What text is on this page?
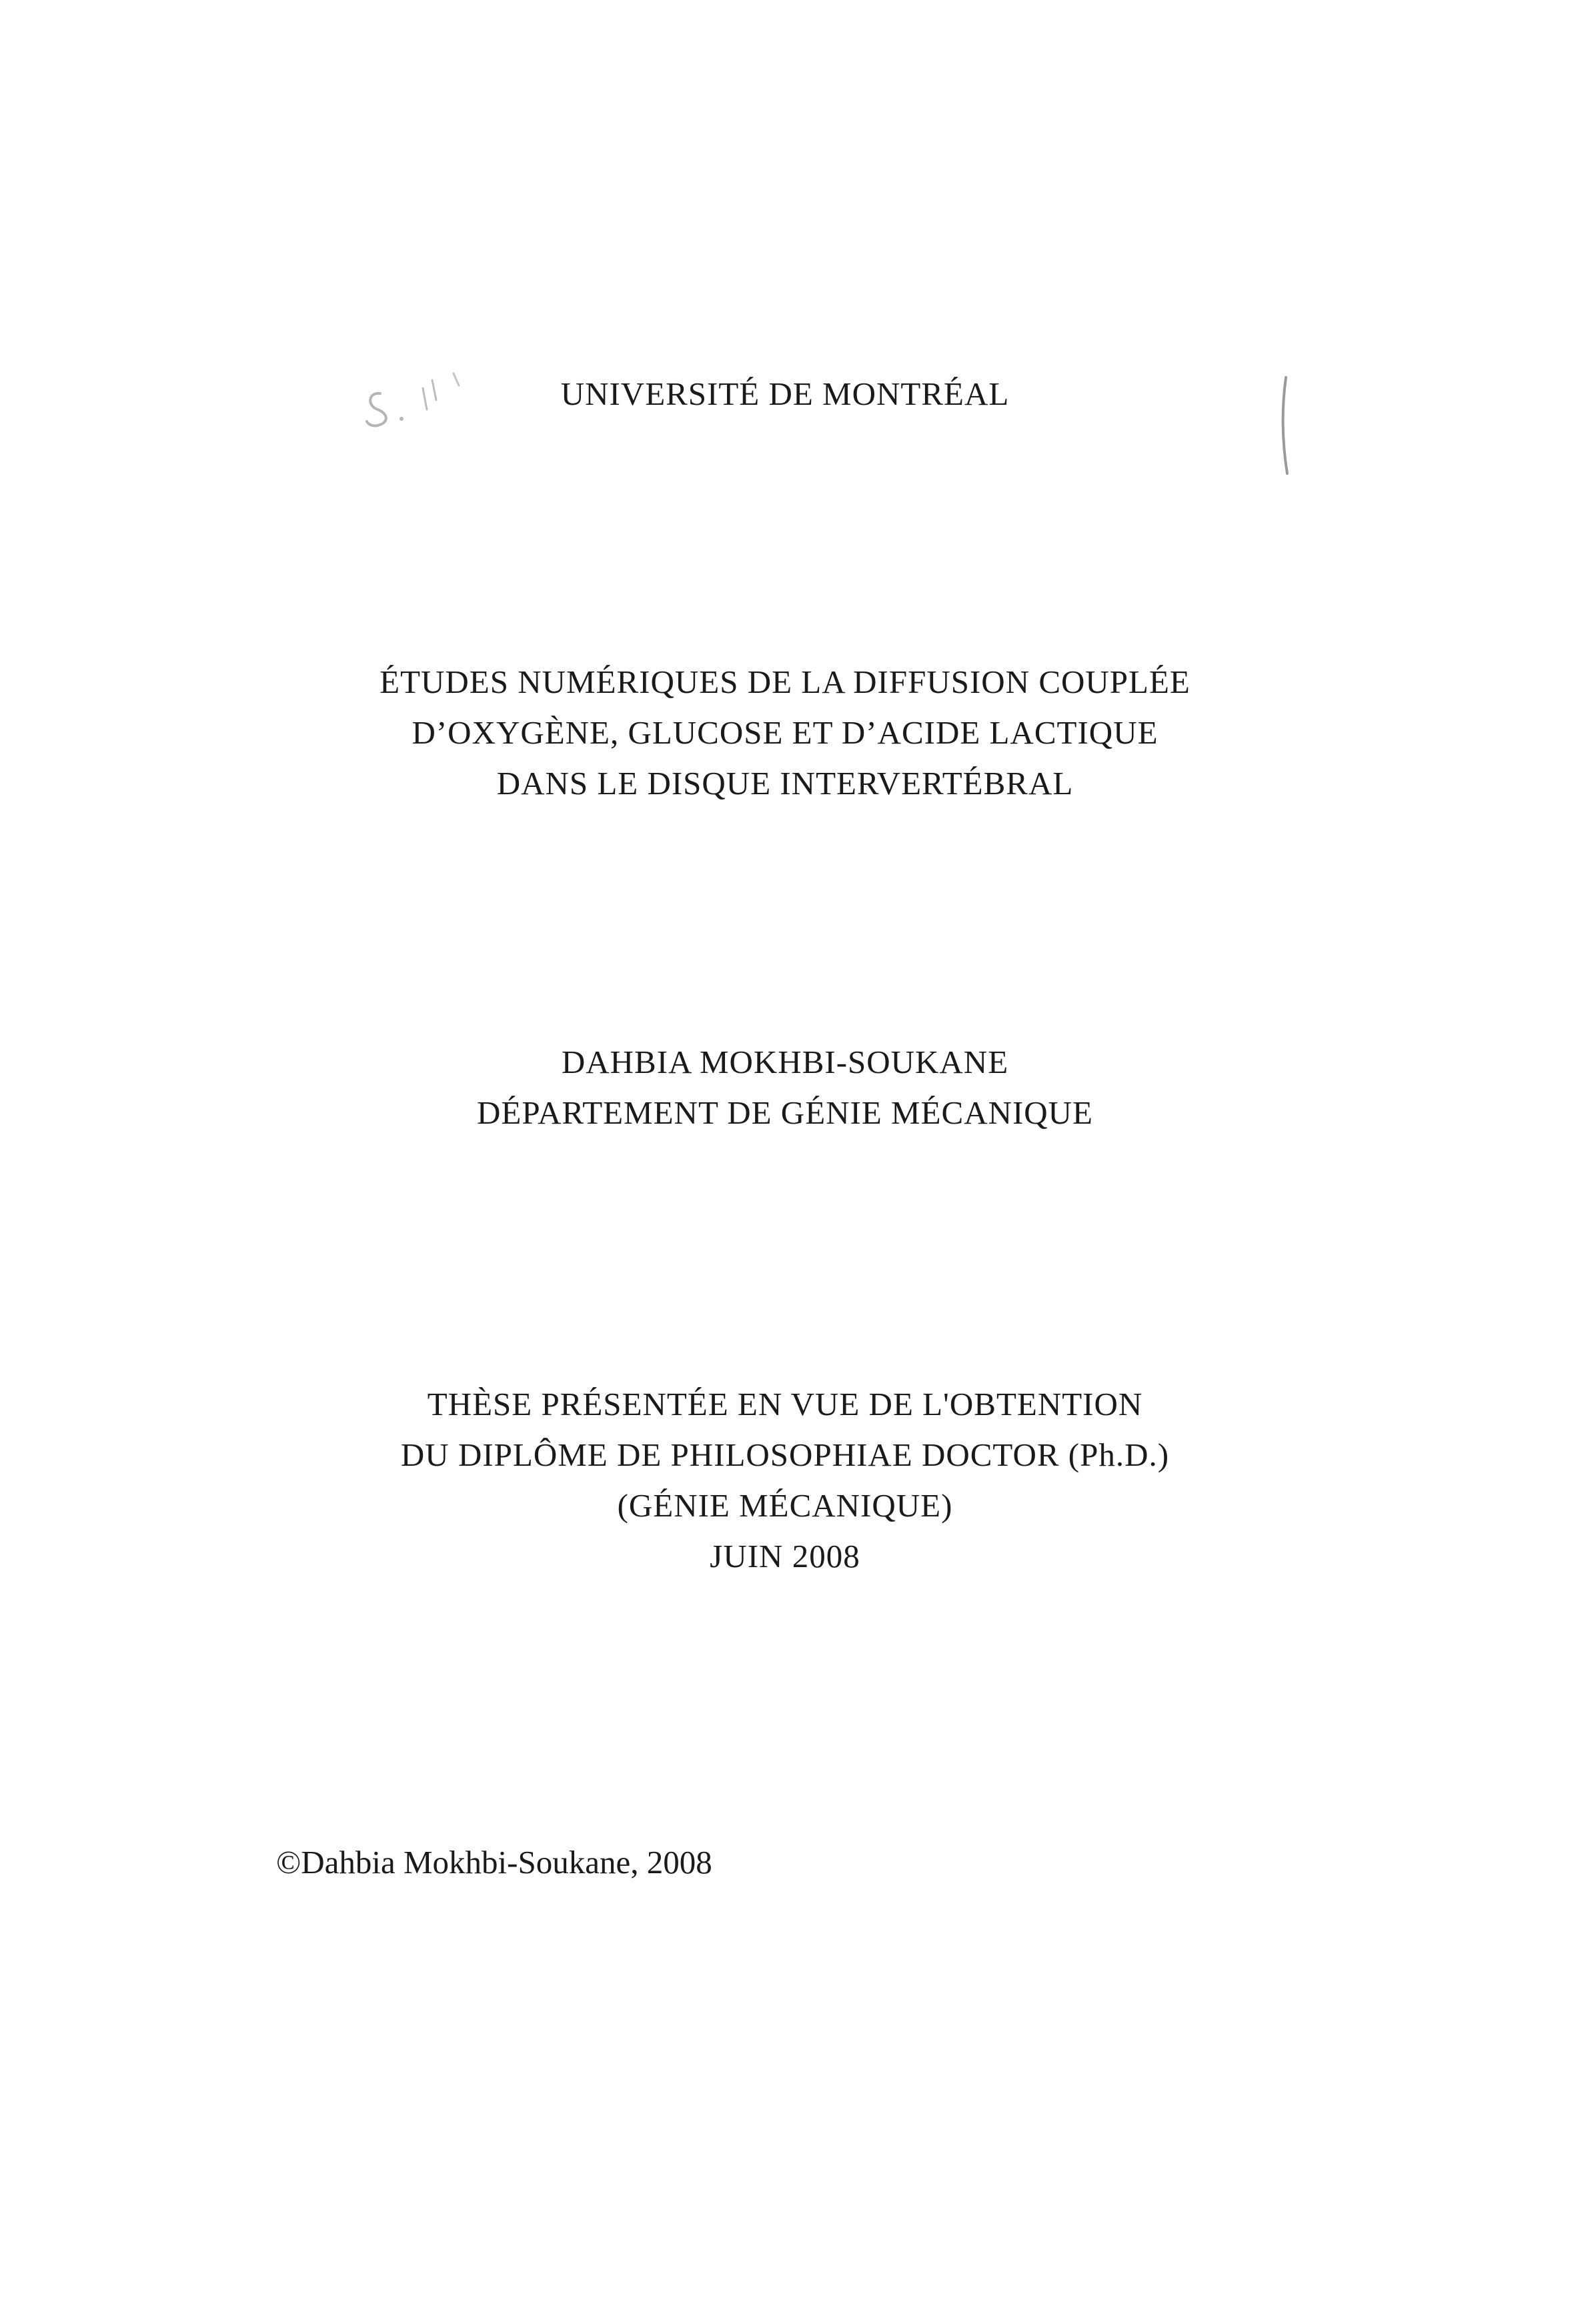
UNIVERSITÉ DE MONTRÉAL
ÉTUDES NUMÉRIQUES DE LA DIFFUSION COUPLÉE
D’OXYGÈNE, GLUCOSE ET D’ACIDE LACTIQUE
DANS LE DISQUE INTERVERTÉBRAL
DAHBIA MOKHBI-SOUKANE
DÉPARTEMENT DE GÉNIE MÉCANIQUE
THÈSE PRÉSENTÉE EN VUE DE L'OBTENTION
DU DIPLÔME DE PHILOSOPHIAE DOCTOR (Ph.D.)
(GÉNIE MÉCANIQUE)
JUIN 2008
©Dahbia Mokhbi-Soukane, 2008
